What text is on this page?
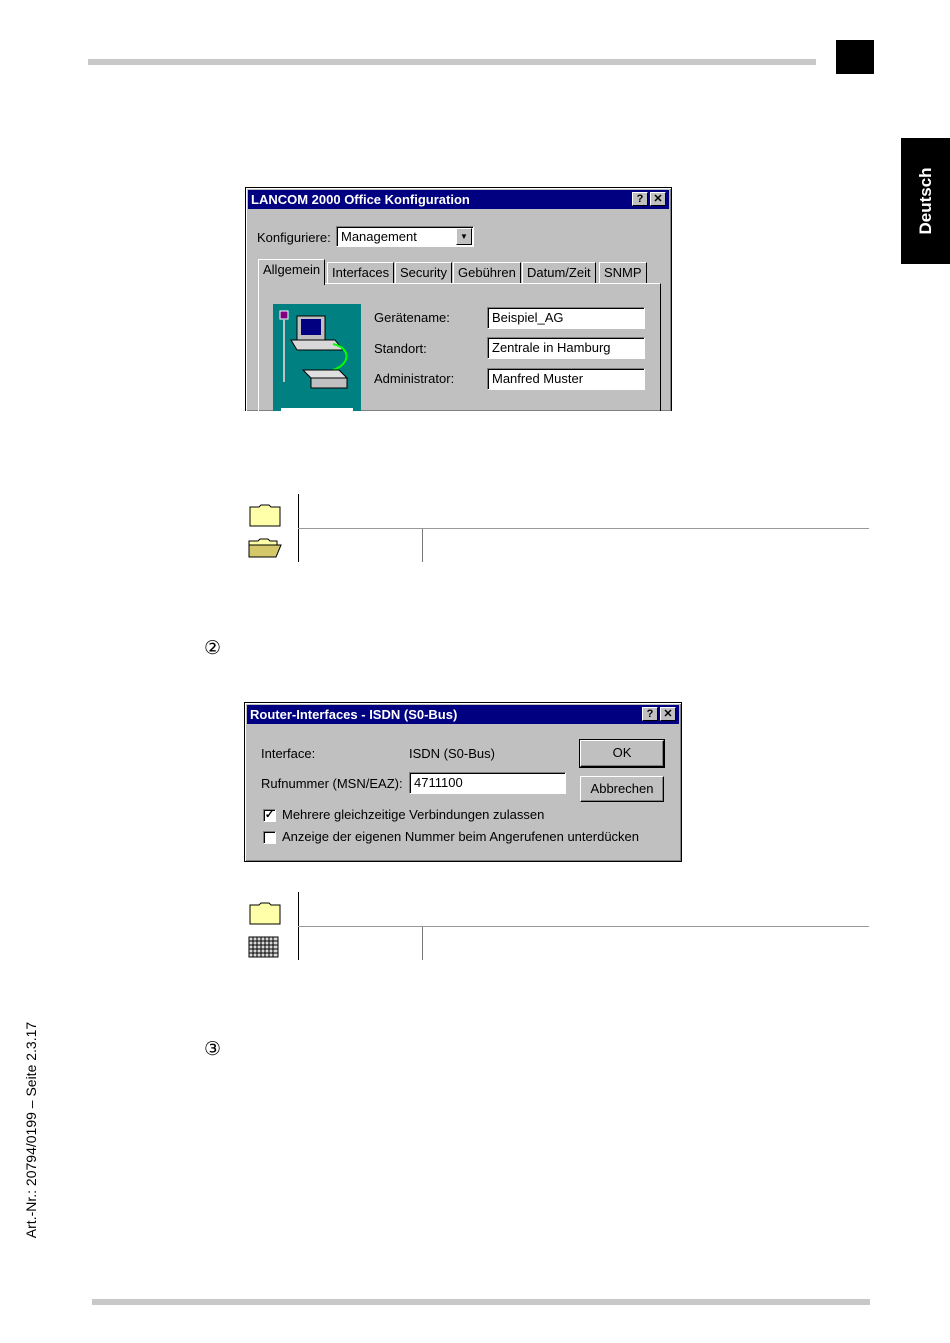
Deutsch
LANCOM 2000 Office Konfiguration	? ✕
Konfiguriere: Management	▼
Allgemein Interfaces Security Gebühren Datum/Zeit	SNMP
Gerätename:	Beispiel_AG
Standort:	Zentrale in Hamburg
Administrator:	Manfred Muster
②
Router-Interfaces - ISDN (S0-Bus)	? ✕
Interface:	ISDN (S0-Bus)
Rufnummer (MSN/EAZ): 4711100
OK
Abbrechen
✓ Mehrere gleichzeitige Verbindungen zulassen
Anzeige der eigenen Nummer beim Angerufenen unterdücken
③
Art.-Nr.: 20794/0199 – Seite 2.3.17
